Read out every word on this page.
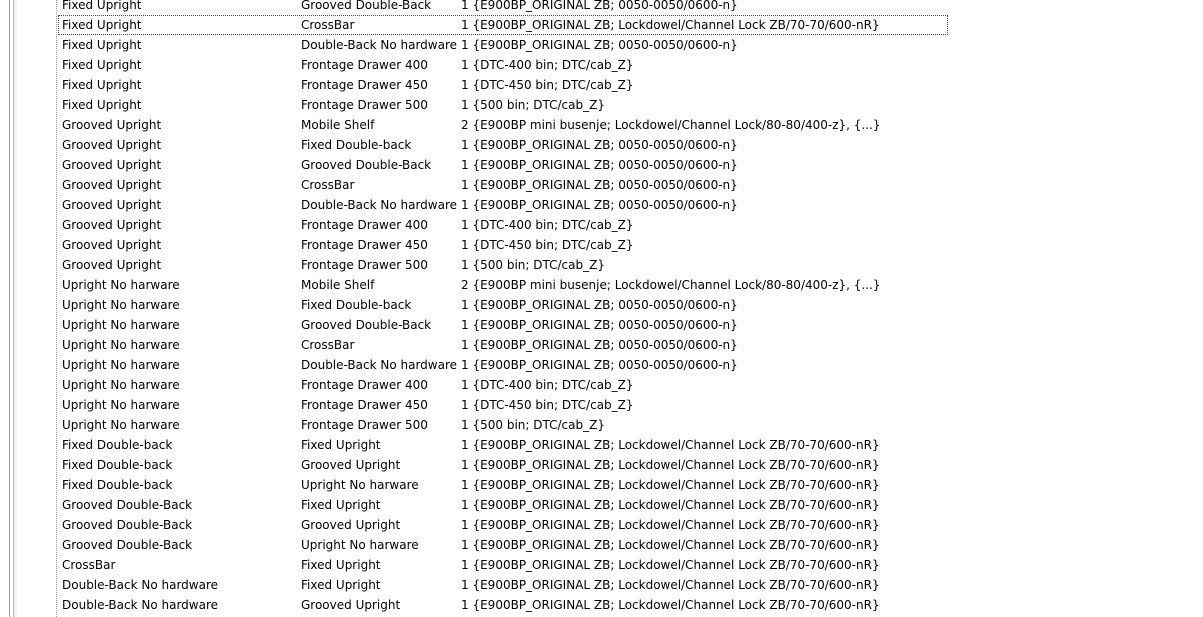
Fixed Upright	Grooved Double-Back	1 {E900BP_ORIGINAL ZB; 0050-0050/0600-n}
Fixed Upright	CrossBar	1 {E900BP_ORIGINAL ZB; Lockdowel/Channel Lock ZB/70-70/600-nR}
Fixed Upright	Double-Back No hardware 1 {E900BP_ORIGINAL ZB; 0050-0050/0600-n}
Fixed Upright	Frontage Drawer 400	1 {DTC-400 bin; DTC/cab_Z}
Fixed Upright	Frontage Drawer 450	1 {DTC-450 bin; DTC/cab_Z}
Fixed Upright	Frontage Drawer 500	1 {500 bin; DTC/cab_Z}
Grooved Upright	Mobile Shelf	2 {E900BP mini busenje; Lockdowel/Channel Lock/80-80/400-z}, {...}
Grooved Upright	Fixed Double-back	1 {E900BP_ORIGINAL ZB; 0050-0050/0600-n}
Grooved Upright	Grooved Double-Back	1 {E900BP_ORIGINAL ZB; 0050-0050/0600-n}
Grooved Upright	CrossBar	1 {E900BP_ORIGINAL ZB; 0050-0050/0600-n}
Grooved Upright	Double-Back No hardware 1 {E900BP_ORIGINAL ZB; 0050-0050/0600-n}
Grooved Upright	Frontage Drawer 400	1 {DTC-400 bin; DTC/cab_Z}
Grooved Upright	Frontage Drawer 450	1 {DTC-450 bin; DTC/cab_Z}
Grooved Upright	Frontage Drawer 500	1 {500 bin; DTC/cab_Z}
Upright No harware	Mobile Shelf	2 {E900BP mini busenje; Lockdowel/Channel Lock/80-80/400-z}, {...}
Upright No harware	Fixed Double-back	1 {E900BP_ORIGINAL ZB; 0050-0050/0600-n}
Upright No harware	Grooved Double-Back	1 {E900BP_ORIGINAL ZB; 0050-0050/0600-n}
Upright No harware	CrossBar	1 {E900BP_ORIGINAL ZB; 0050-0050/0600-n}
Upright No harware	Double-Back No hardware 1 {E900BP_ORIGINAL ZB; 0050-0050/0600-n}
Upright No harware	Frontage Drawer 400	1 {DTC-400 bin; DTC/cab_Z}
Upright No harware	Frontage Drawer 450	1 {DTC-450 bin; DTC/cab_Z}
Upright No harware	Frontage Drawer 500	1 {500 bin; DTC/cab_Z}
Fixed Double-back	Fixed Upright	1 {E900BP_ORIGINAL ZB; Lockdowel/Channel Lock ZB/70-70/600-nR}
Fixed Double-back	Grooved Upright	1 {E900BP_ORIGINAL ZB; Lockdowel/Channel Lock ZB/70-70/600-nR}
Fixed Double-back	Upright No harware	1 {E900BP_ORIGINAL ZB; Lockdowel/Channel Lock ZB/70-70/600-nR}
Grooved Double-Back	Fixed Upright	1 {E900BP_ORIGINAL ZB; Lockdowel/Channel Lock ZB/70-70/600-nR}
Grooved Double-Back	Grooved Upright	1 {E900BP_ORIGINAL ZB; Lockdowel/Channel Lock ZB/70-70/600-nR}
Grooved Double-Back	Upright No harware	1 {E900BP_ORIGINAL ZB; Lockdowel/Channel Lock ZB/70-70/600-nR}
CrossBar	Fixed Upright	1 {E900BP_ORIGINAL ZB; Lockdowel/Channel Lock ZB/70-70/600-nR}
Double-Back No hardware	Fixed Upright	1 {E900BP_ORIGINAL ZB; Lockdowel/Channel Lock ZB/70-70/600-nR}
Double-Back No hardware	Grooved Upright	1 {E900BP_ORIGINAL ZB; Lockdowel/Channel Lock ZB/70-70/600-nR}
